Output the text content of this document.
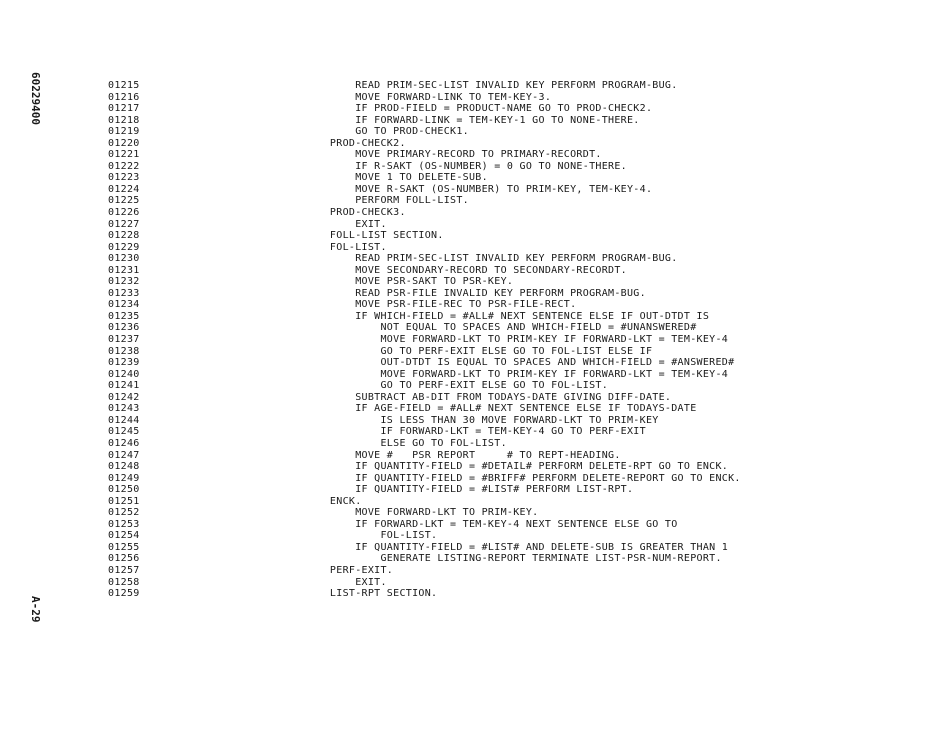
60229400
A-29
01215	READ PRIM-SEC-LIST INVALID KEY PERFORM PROGRAM-BUG.
01216	MOVE FORWARD-LINK TO TEM-KEY-3.
01217	IF PROD-FIELD = PRODUCT-NAME GO TO PROD-CHECK2.
01218	IF FORWARD-LINK = TEM-KEY-1 GO TO NONE-THERE.
01219	GO TO PROD-CHECK1.
01220	PROD-CHECK2.
01221	MOVE PRIMARY-RECORD TO PRIMARY-RECORDT.
01222	IF R-SAKT (OS-NUMBER) = 0 GO TO NONE-THERE.
01223	MOVE 1 TO DELETE-SUB.
01224	MOVE R-SAKT (OS-NUMBER) TO PRIM-KEY, TEM-KEY-4.
01225	PERFORM FOLL-LIST.
01226	PROD-CHECK3.
01227	EXIT.
01228	FOLL-LIST SECTION.
01229	FOL-LIST.
01230	READ PRIM-SEC-LIST INVALID KEY PERFORM PROGRAM-BUG.
01231	MOVE SECONDARY-RECORD TO SECONDARY-RECORDT.
01232	MOVE PSR-SAKT TO PSR-KEY.
01233	READ PSR-FILE INVALID KEY PERFORM PROGRAM-BUG.
01234	MOVE PSR-FILE-REC TO PSR-FILE-RECT.
01235	IF WHICH-FIELD = #ALL# NEXT SENTENCE ELSE IF OUT-DTDT IS
01236	NOT EQUAL TO SPACES AND WHICH-FIELD = #UNANSWERED#
01237	MOVE FORWARD-LKT TO PRIM-KEY IF FORWARD-LKT = TEM-KEY-4
01238	GO TO PERF-EXIT ELSE GO TO FOL-LIST ELSE IF
01239	OUT-DTDT IS EQUAL TO SPACES AND WHICH-FIELD = #ANSWERED#
01240	MOVE FORWARD-LKT TO PRIM-KEY IF FORWARD-LKT = TEM-KEY-4
01241	GO TO PERF-EXIT ELSE GO TO FOL-LIST.
01242	SUBTRACT AB-DIT FROM TODAYS-DATE GIVING DIFF-DATE.
01243	IF AGE-FIELD = #ALL# NEXT SENTENCE ELSE IF TODAYS-DATE
01244	IS LESS THAN 30 MOVE FORWARD-LKT TO PRIM-KEY
01245	IF FORWARD-LKT = TEM-KEY-4 GO TO PERF-EXIT
01246	ELSE GO TO FOL-LIST.
01247	MOVE #   PSR REPORT     # TO REPT-HEADING.
01248	IF QUANTITY-FIELD = #DETAIL# PERFORM DELETE-RPT GO TO ENCK.
01249	IF QUANTITY-FIELD = #BRIFF# PERFORM DELETE-REPORT GO TO ENCK.
01250	IF QUANTITY-FIELD = #LIST# PERFORM LIST-RPT.
01251	ENCK.
01252	MOVE FORWARD-LKT TO PRIM-KEY.
01253	IF FORWARD-LKT = TEM-KEY-4 NEXT SENTENCE ELSE GO TO
01254	FOL-LIST.
01255	IF QUANTITY-FIELD = #LIST# AND DELETE-SUB IS GREATER THAN 1
01256	GENERATE LISTING-REPORT TERMINATE LIST-PSR-NUM-REPORT.
01257	PERF-EXIT.
01258	EXIT.
01259	LIST-RPT SECTION.
